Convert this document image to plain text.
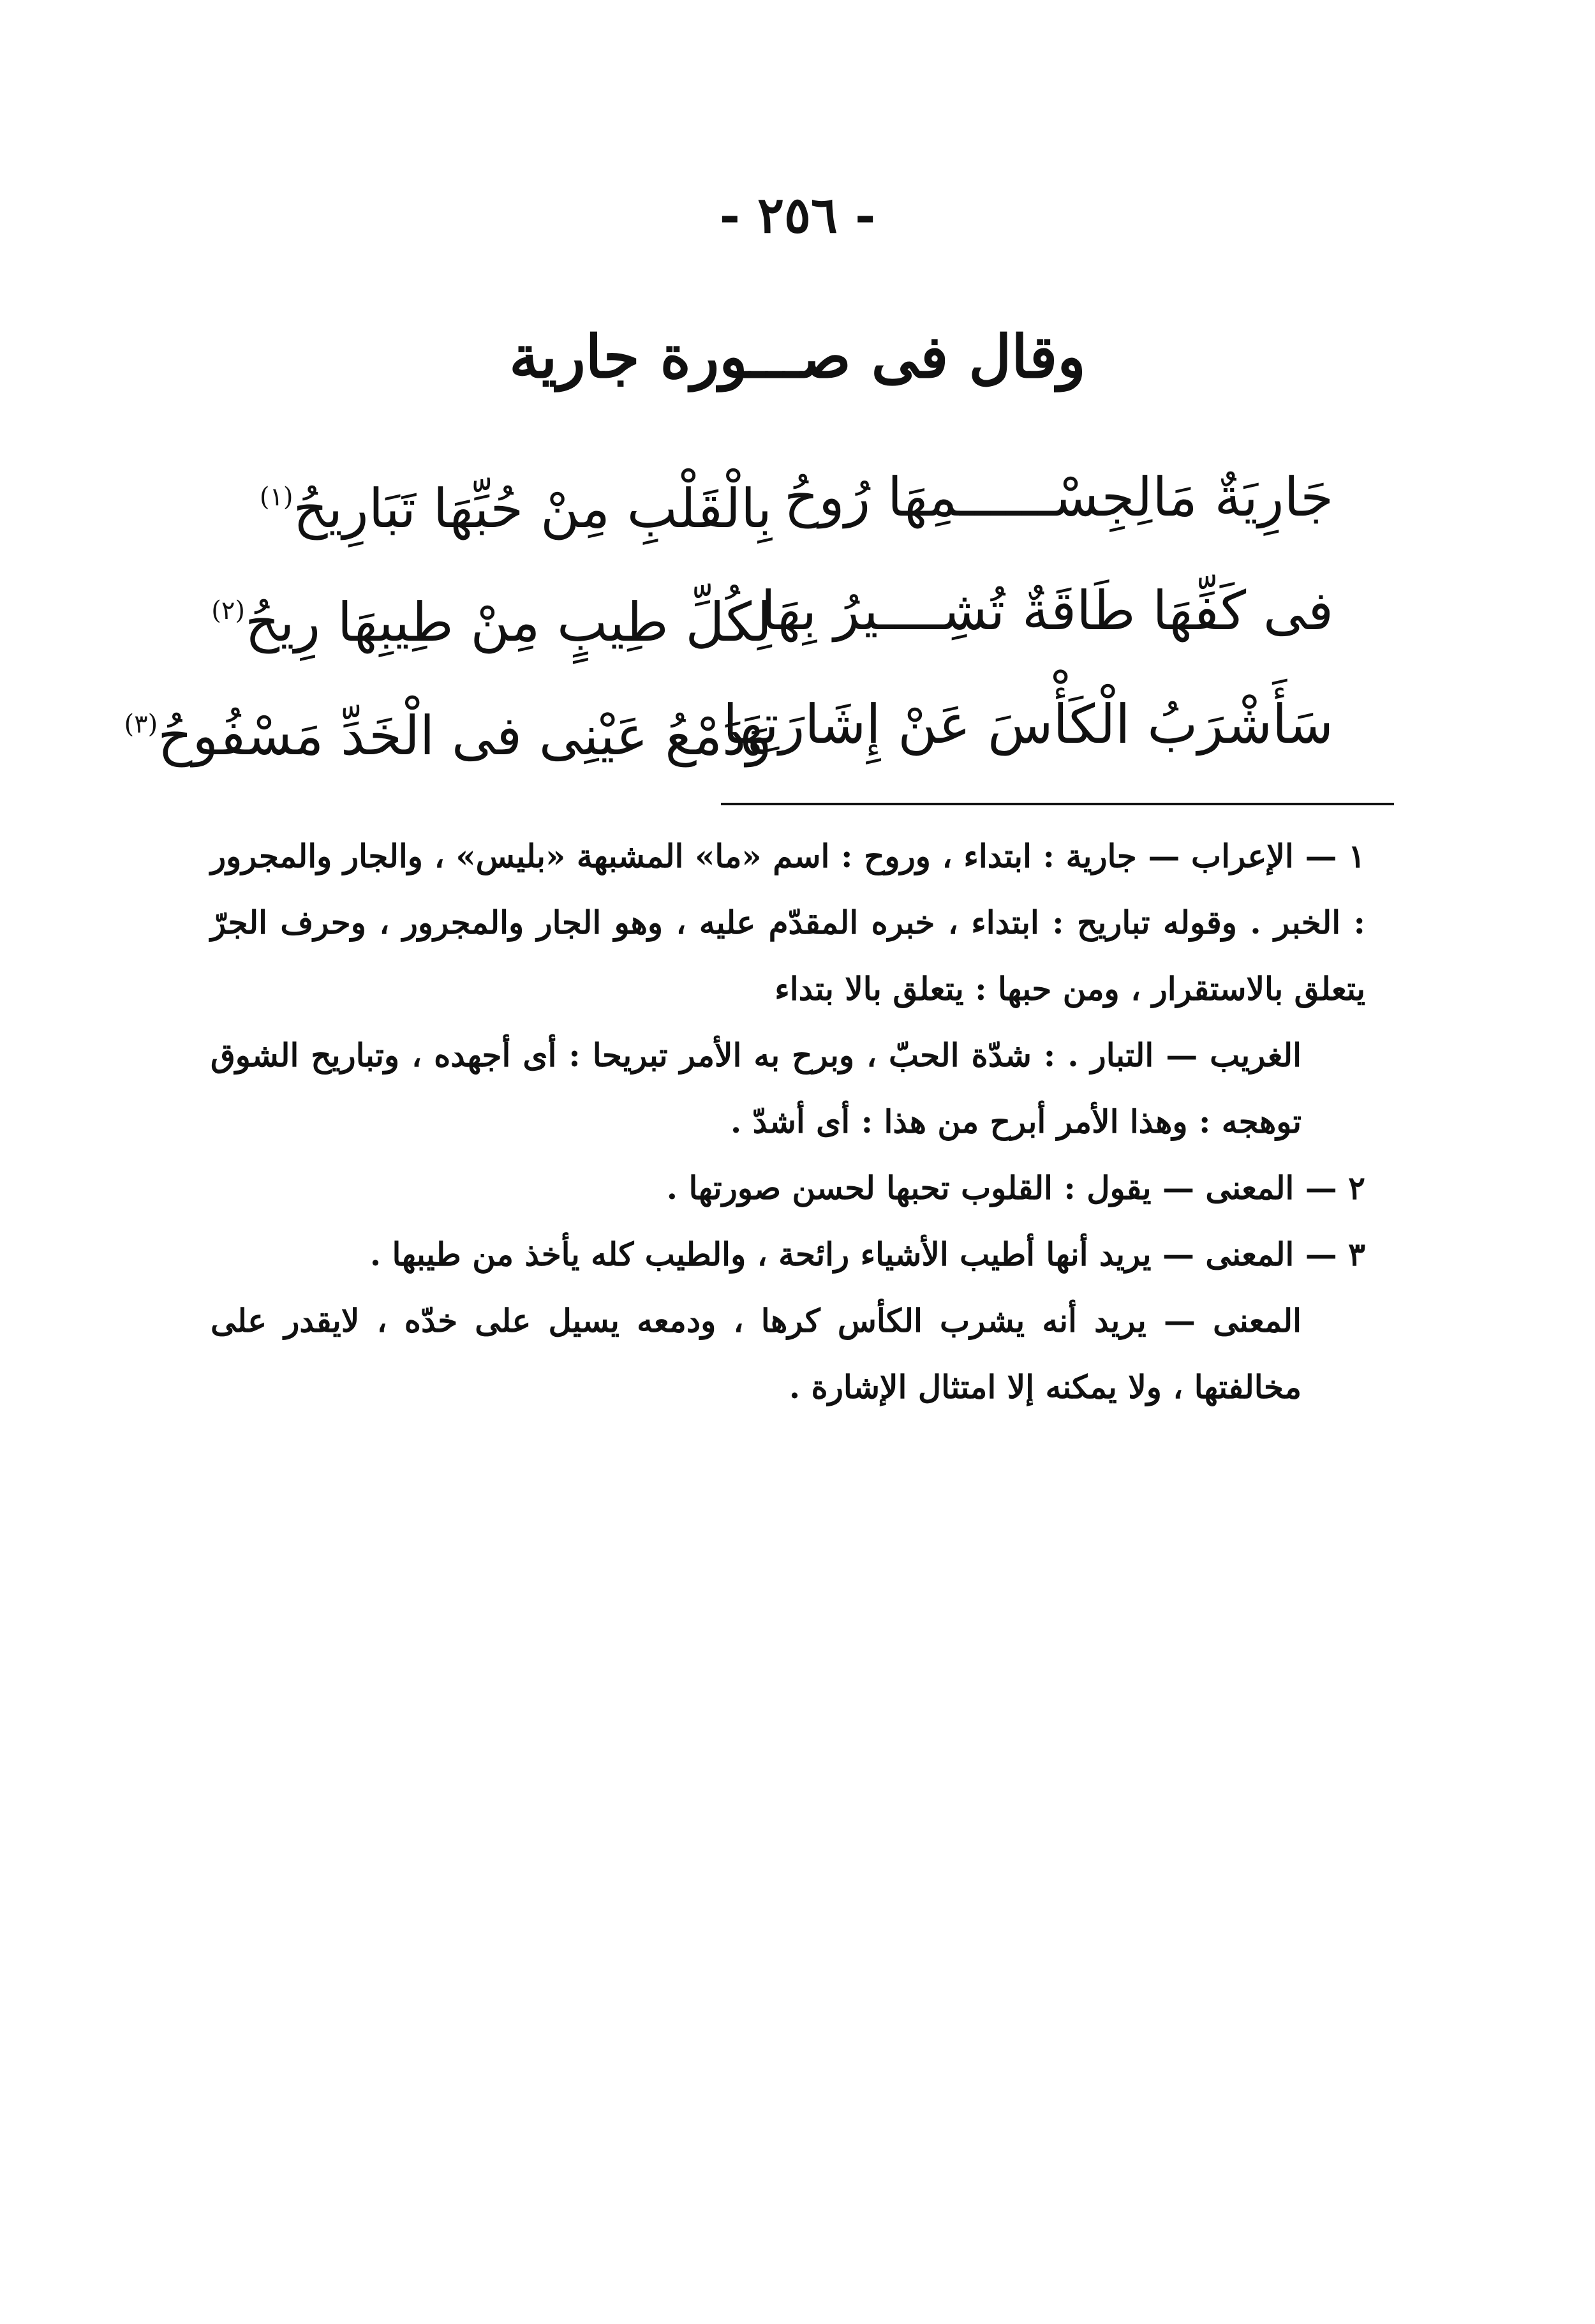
- ٢٥٦ -
وقال فى صـــورة جارية
جَارِيَةٌ مَالِجِسْــــــمِهَا رُوحُ
بِالْقَلْبِ مِنْ حُبِّهَا تَبَارِيحُ$^{(١)}$
فى كَفِّهَا طَاقَةٌ تُشِــــيرُ بِهَا
لِكُلِّ طِيبٍ مِنْ طِيبِهَا رِيحُ$^{(٢)}$
سَأَشْرَبُ الْكَأْسَ عَنْ إِشَارَتِهَا
وَدَمْعُ عَيْنِى فى الْخَدِّ مَسْفُوحُ$^{(٣)}$

١ — الإعراب — جارية : ابتداء ، وروح : اسم «ما» المشبهة «بليس» ، والجار والمجرور : الخبر . وقوله تباريح : ابتداء ، خبره المقدّم عليه ، وهو الجار والمجرور ، وحرف الجرّ يتعلق بالاستقرار ، ومن حبها : يتعلق بالا بتداء

الغريب — التبار . : شدّة الحبّ ، وبرح به الأمر تبريحا : أى أجهده ، وتباريح الشوق توهجه : وهذا الأمر أبرح من هذا : أى أشدّ .

٢ — المعنى — يقول : القلوب تحبها لحسن صورتها .

٣ — المعنى — يريد أنها أطيب الأشياء رائحة ، والطيب كله يأخذ من طيبها .

المعنى — يريد أنه يشرب الكأس كرها ، ودمعه يسيل على خدّه ، لايقدر على مخالفتها ، ولا يمكنه إلا امتثال الإشارة .
